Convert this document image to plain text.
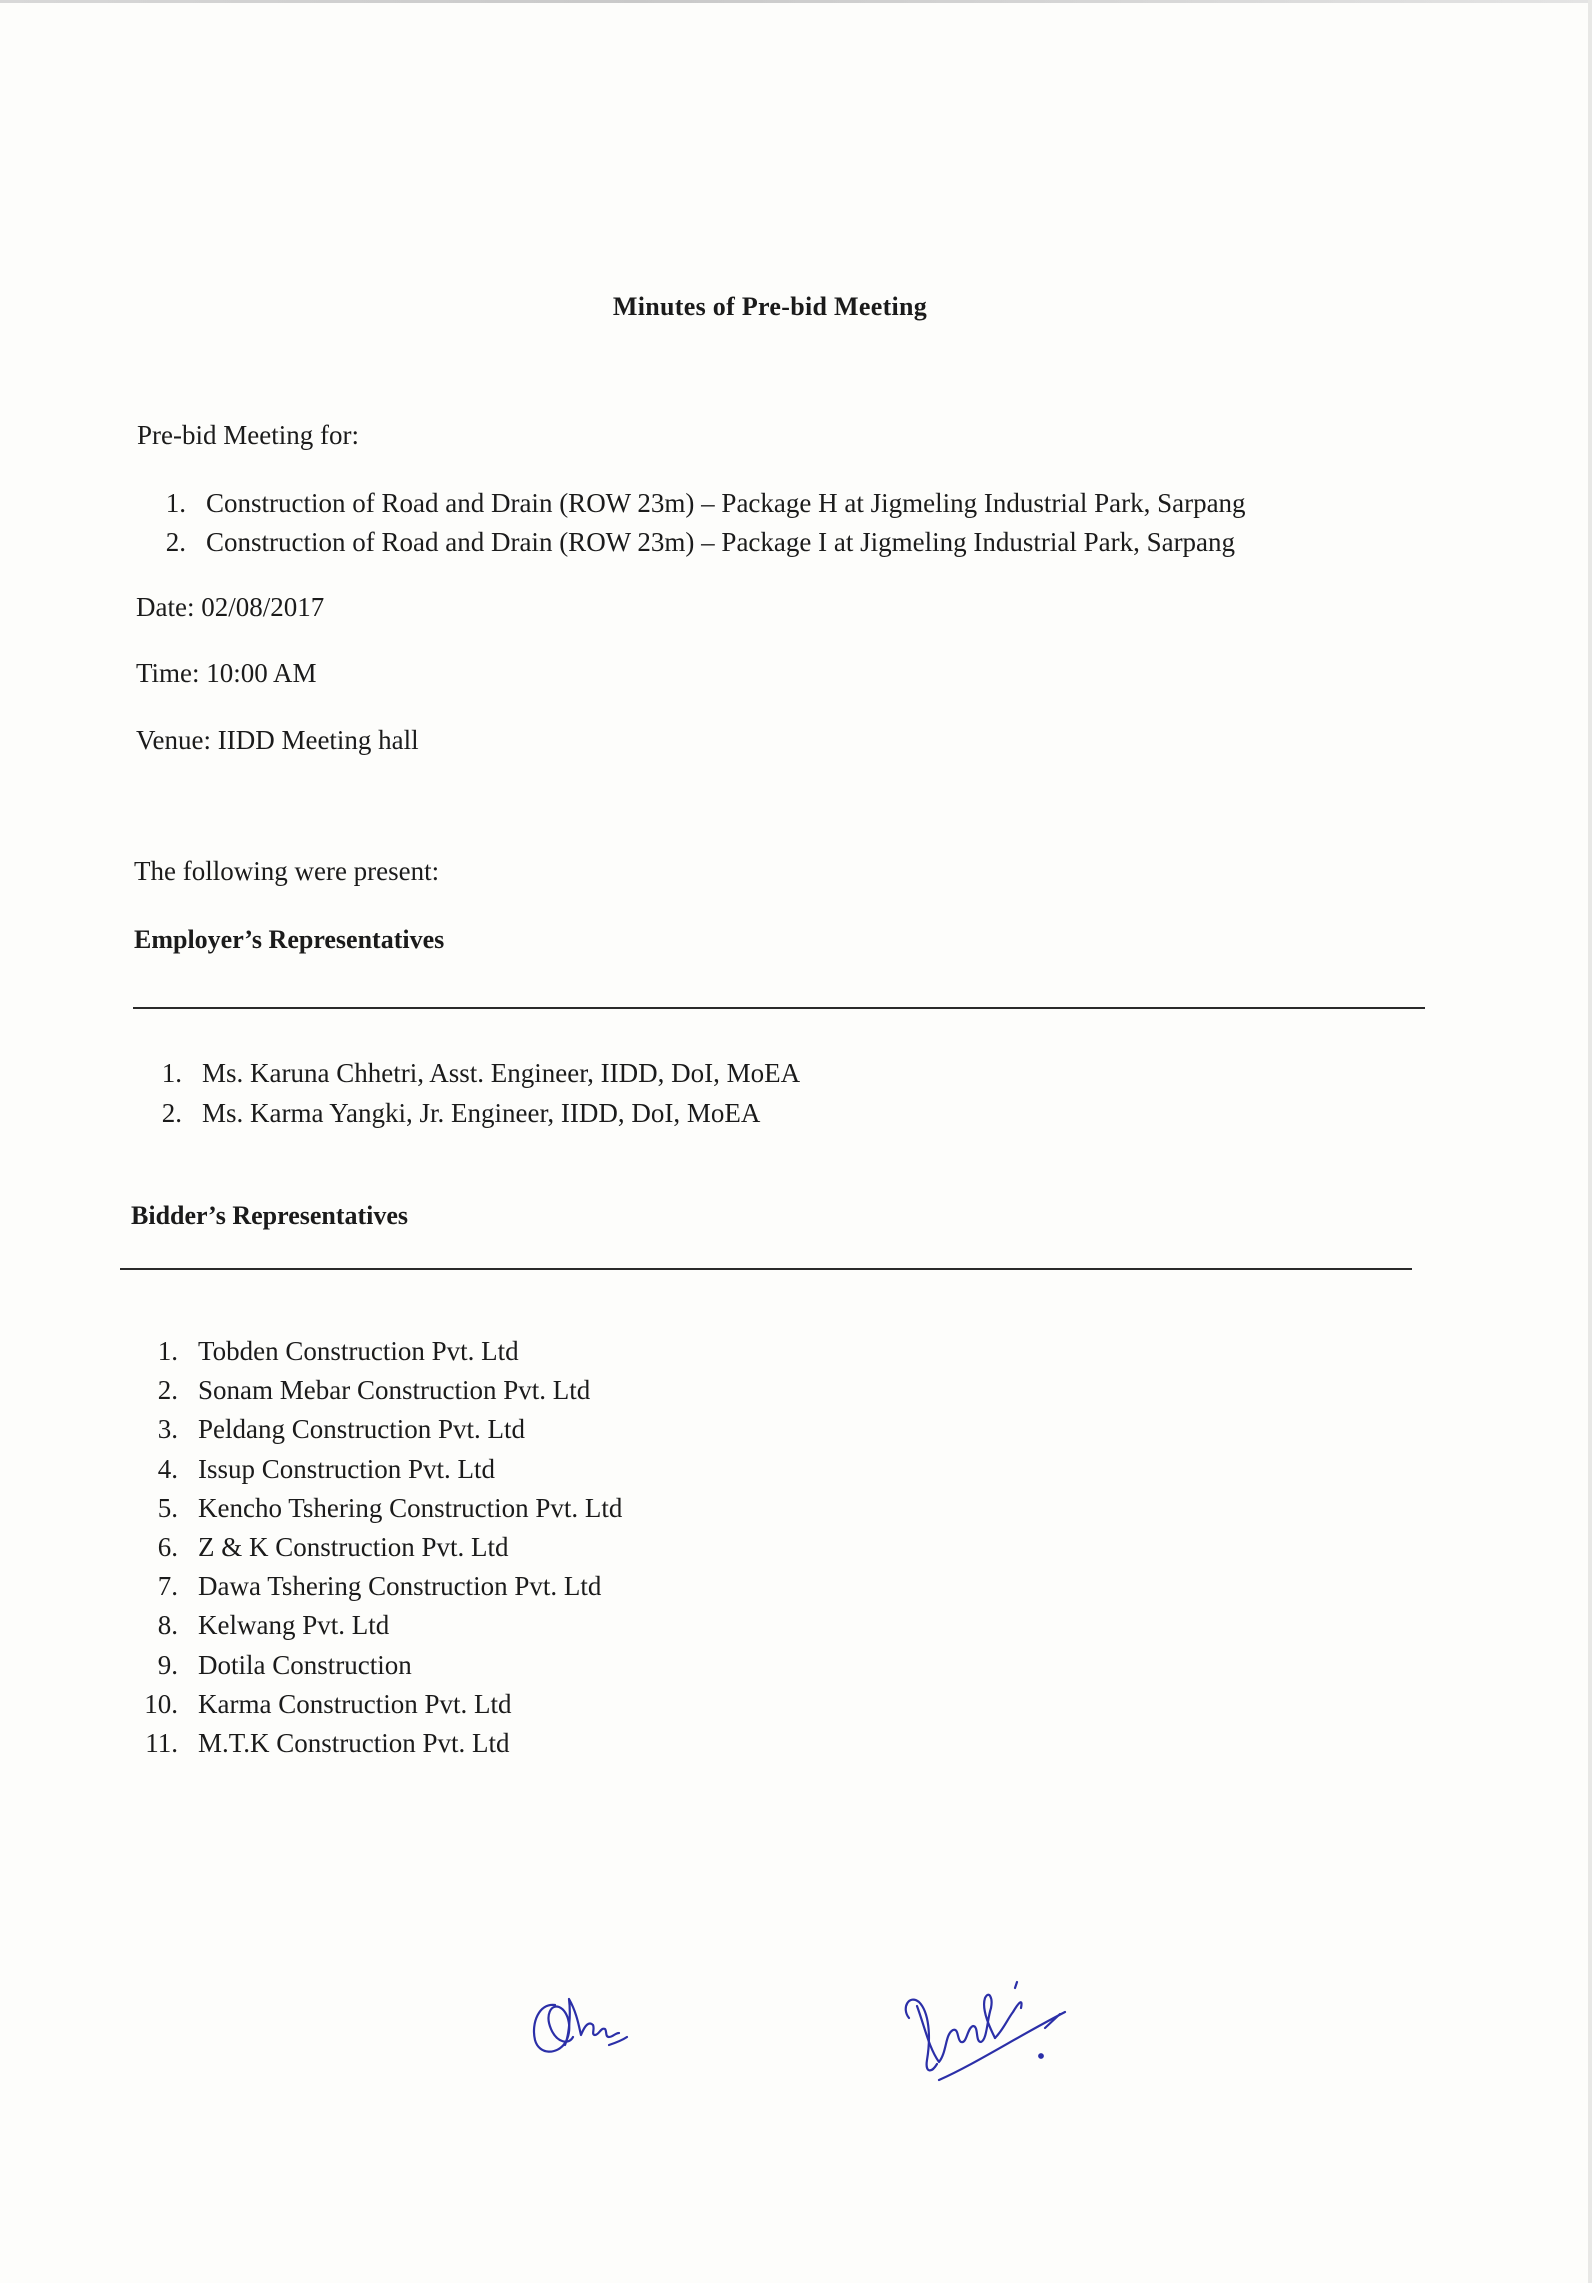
Minutes of Pre-bid Meeting
Pre-bid Meeting for:
1. Construction of Road and Drain (ROW 23m) – Package H at Jigmeling Industrial Park, Sarpang
2. Construction of Road and Drain (ROW 23m) – Package I at Jigmeling Industrial Park, Sarpang
Date: 02/08/2017
Time: 10:00 AM
Venue: IIDD Meeting hall
The following were present:
Employer’s Representatives
1. Ms. Karuna Chhetri, Asst. Engineer, IIDD, DoI, MoEA
2. Ms. Karma Yangki, Jr. Engineer, IIDD, DoI, MoEA
Bidder’s Representatives
1. Tobden Construction Pvt. Ltd
2. Sonam Mebar Construction Pvt. Ltd
3. Peldang Construction Pvt. Ltd
4. Issup Construction Pvt. Ltd
5. Kencho Tshering Construction Pvt. Ltd
6. Z & K Construction Pvt. Ltd
7. Dawa Tshering Construction Pvt. Ltd
8. Kelwang Pvt. Ltd
9. Dotila Construction
10. Karma Construction Pvt. Ltd
11. M.T.K Construction Pvt. Ltd
